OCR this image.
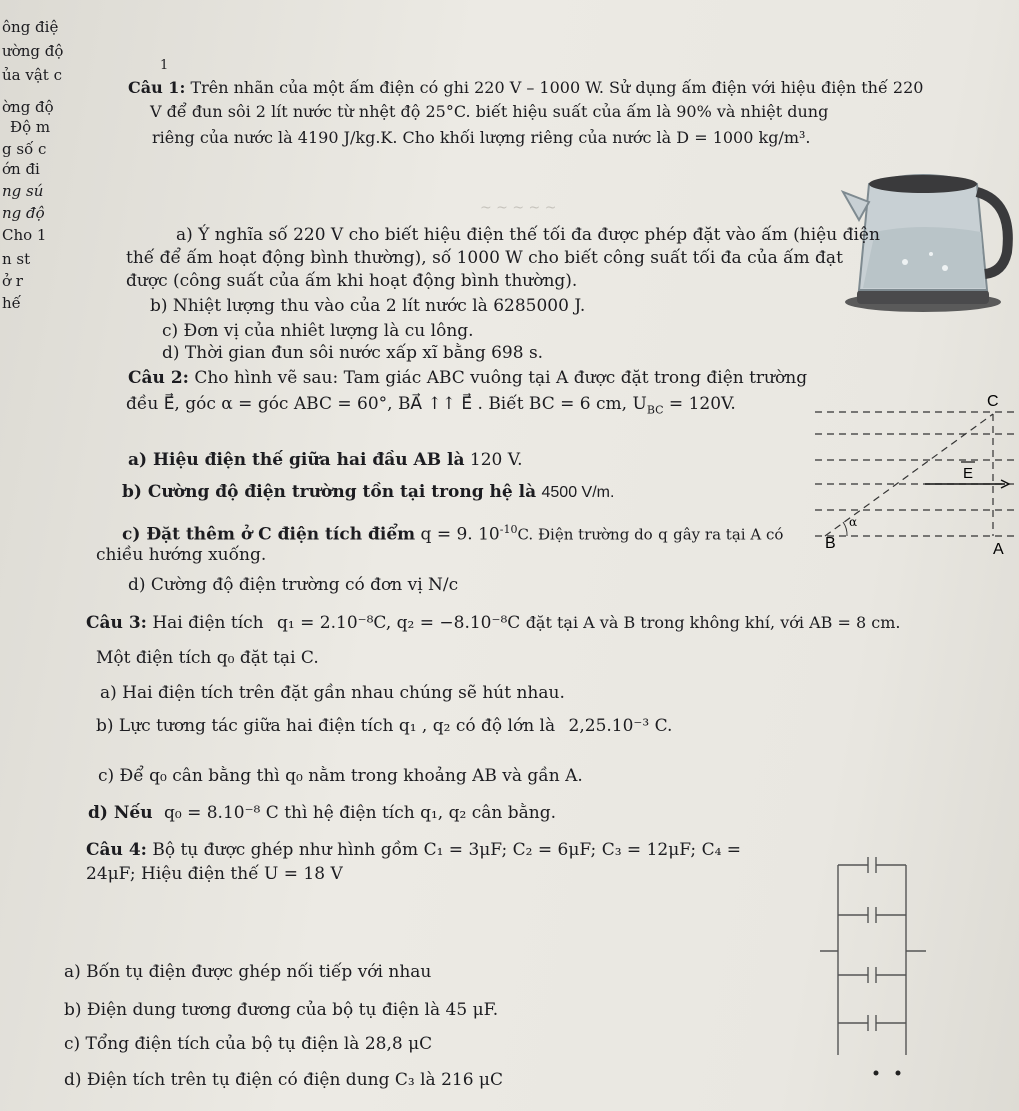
ông điệ
ường độ
ủa vật c
ờng độ
Độ m
g số c
ớn đi
ng sú
ng độ
Cho 1
n st
ở r
hế
1
~ ~ ~ ~ ~
Câu 1: Trên nhãn của một ấm điện có ghi 220 V – 1000 W. Sử dụng ấm điện với hiệu điện thế 220
V để đun sôi 2 lít nước từ nhệt độ 25°C. biết hiệu suất của ấm là 90% và nhiệt dung
riêng của nước là 4190 J/kg.K. Cho khối lượng riêng của nước là D = 1000 kg/m³.
a) Ý nghĩa số 220 V cho biết hiệu điện thế tối đa được phép đặt vào ấm (hiệu điện
thế để ấm hoạt động bình thường), số 1000 W cho biết công suất tối đa của ấm đạt
được (công suất của ấm khi hoạt động bình thường).
b) Nhiệt lượng thu vào của 2 lít nước là 6285000 J.
c) Đơn vị của nhiêt lượng là cu lông.
d) Thời gian đun sôi nước xấp xĩ bằng 698 s.
Câu 2: Cho hình vẽ sau: Tam giác ABC vuông tại A được đặt trong điện trường
đều E⃗, góc α = góc ABC = 60°, BA⃗ ↑↑ E⃗ . Biết BC = 6 cm, $U_{BC} = 120V$.
a) Hiệu điện thế giữa hai đầu AB là 120 V.
b) Cường độ điện trường tồn tại trong hệ là 4500 V/m.
c) Đặt thêm ở C điện tích điểm q = 9. $10^{-10}C$. Điện trường do q gây ra tại A có
chiều hướng xuống.
d) Cường độ điện trường có đơn vị N/c
C
B	A
E
α
Câu 3: Hai điện tích q₁ = 2.10⁻⁸C, q₂ = −8.10⁻⁸C đặt tại A và B trong không khí, với AB = 8 cm.
Một điện tích q₀ đặt tại C.
a) Hai điện tích trên đặt gần nhau chúng sẽ hút nhau.
b) Lực tương tác giữa hai điện tích q₁ , q₂ có độ lớn là 2,25.10⁻³ C.
c) Để q₀ cân bằng thì q₀ nằm trong khoảng AB và gần A.
d) Nếu q₀ = 8.10⁻⁸ C thì hệ điện tích q₁, q₂ cân bằng.
Câu 4: Bộ tụ được ghép như hình gồm C₁ = 3μF; C₂ = 6μF; C₃ = 12μF; C₄ =
24μF; Hiệu điện thế U = 18 V
a) Bốn tụ điện được ghép nối tiếp với nhau
b) Điện dung tương đương của bộ tụ điện là 45 μF.
c) Tổng điện tích của bộ tụ điện là 28,8 μC
d) Điện tích trên tụ điện có điện dung C₃ là 216 μC
